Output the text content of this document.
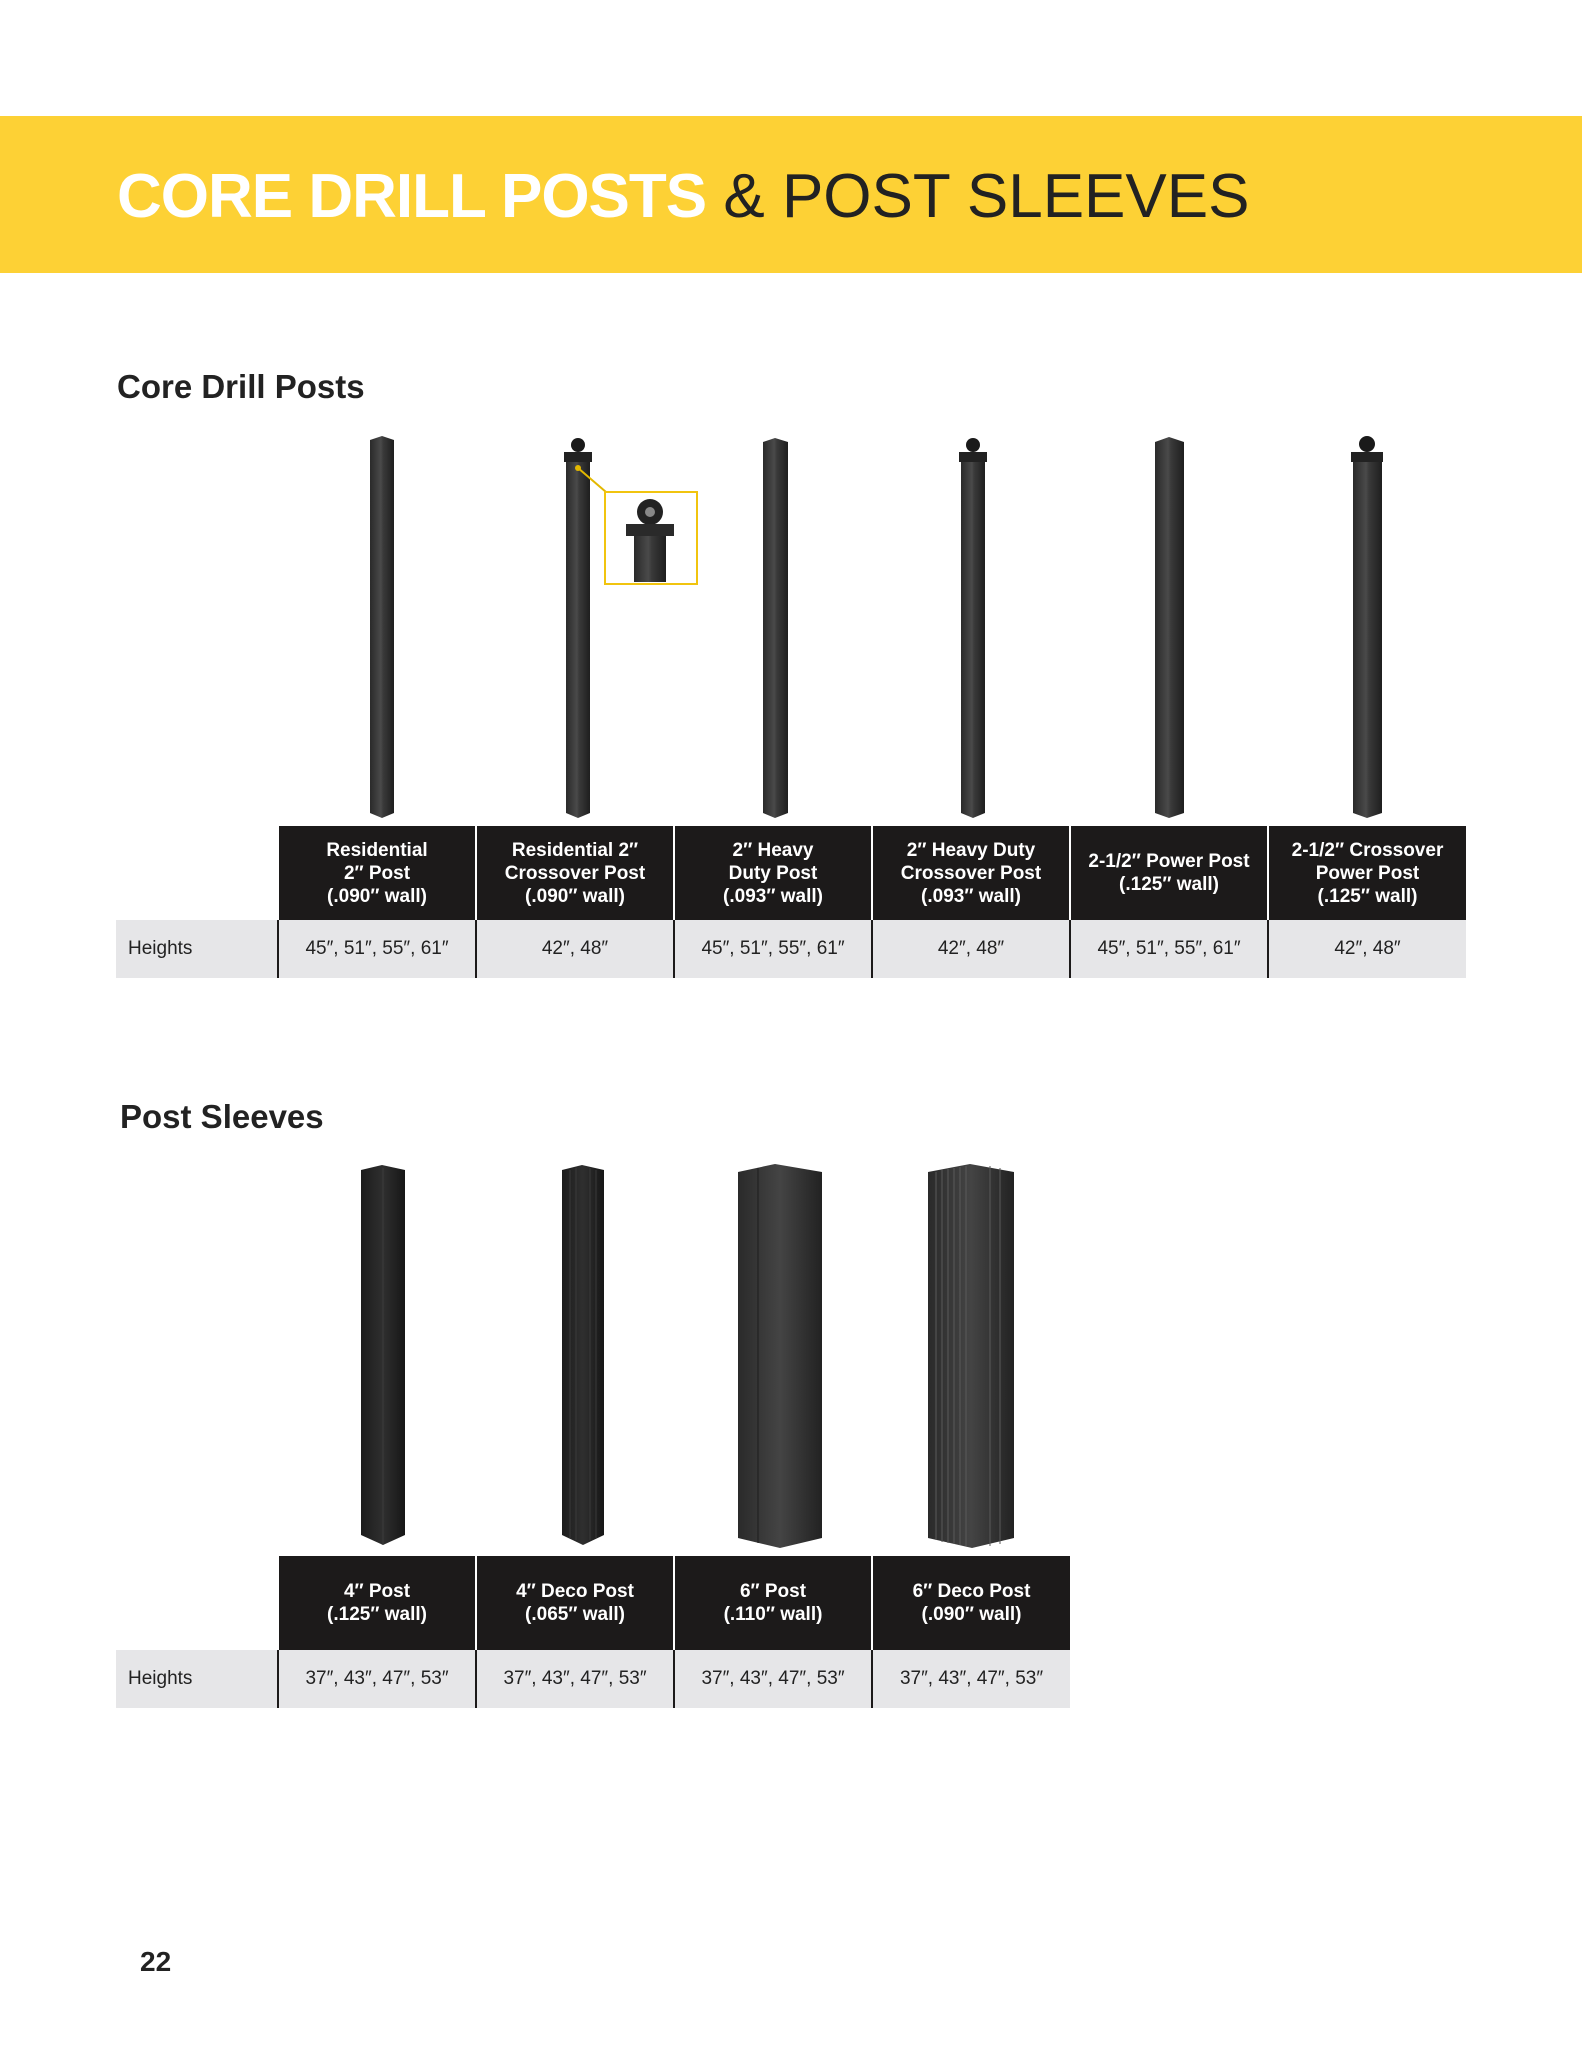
CORE DRILL POSTS & POST SLEEVES
Core Drill Posts
	Residential
2″ Post
(.090″ wall)	Residential 2″
Crossover Post
(.090″ wall)	2″ Heavy
Duty Post
(.093″ wall)	2″ Heavy Duty
Crossover Post
(.093″ wall)	2-1/2″ Power Post
(.125″ wall)	2-1/2″ Crossover
Power Post
(.125″ wall)
Heights	45″, 51″, 55″, 61″	42″, 48″	45″, 51″, 55″, 61″	42″, 48″	45″, 51″, 55″, 61″	42″, 48″
Post Sleeves
	4″ Post
(.125″ wall)	4″ Deco Post
(.065″ wall)	6″ Post
(.110″ wall)	6″ Deco Post
(.090″ wall)
Heights	37″, 43″, 47″, 53″	37″, 43″, 47″, 53″	37″, 43″, 47″, 53″	37″, 43″, 47″, 53″
22
